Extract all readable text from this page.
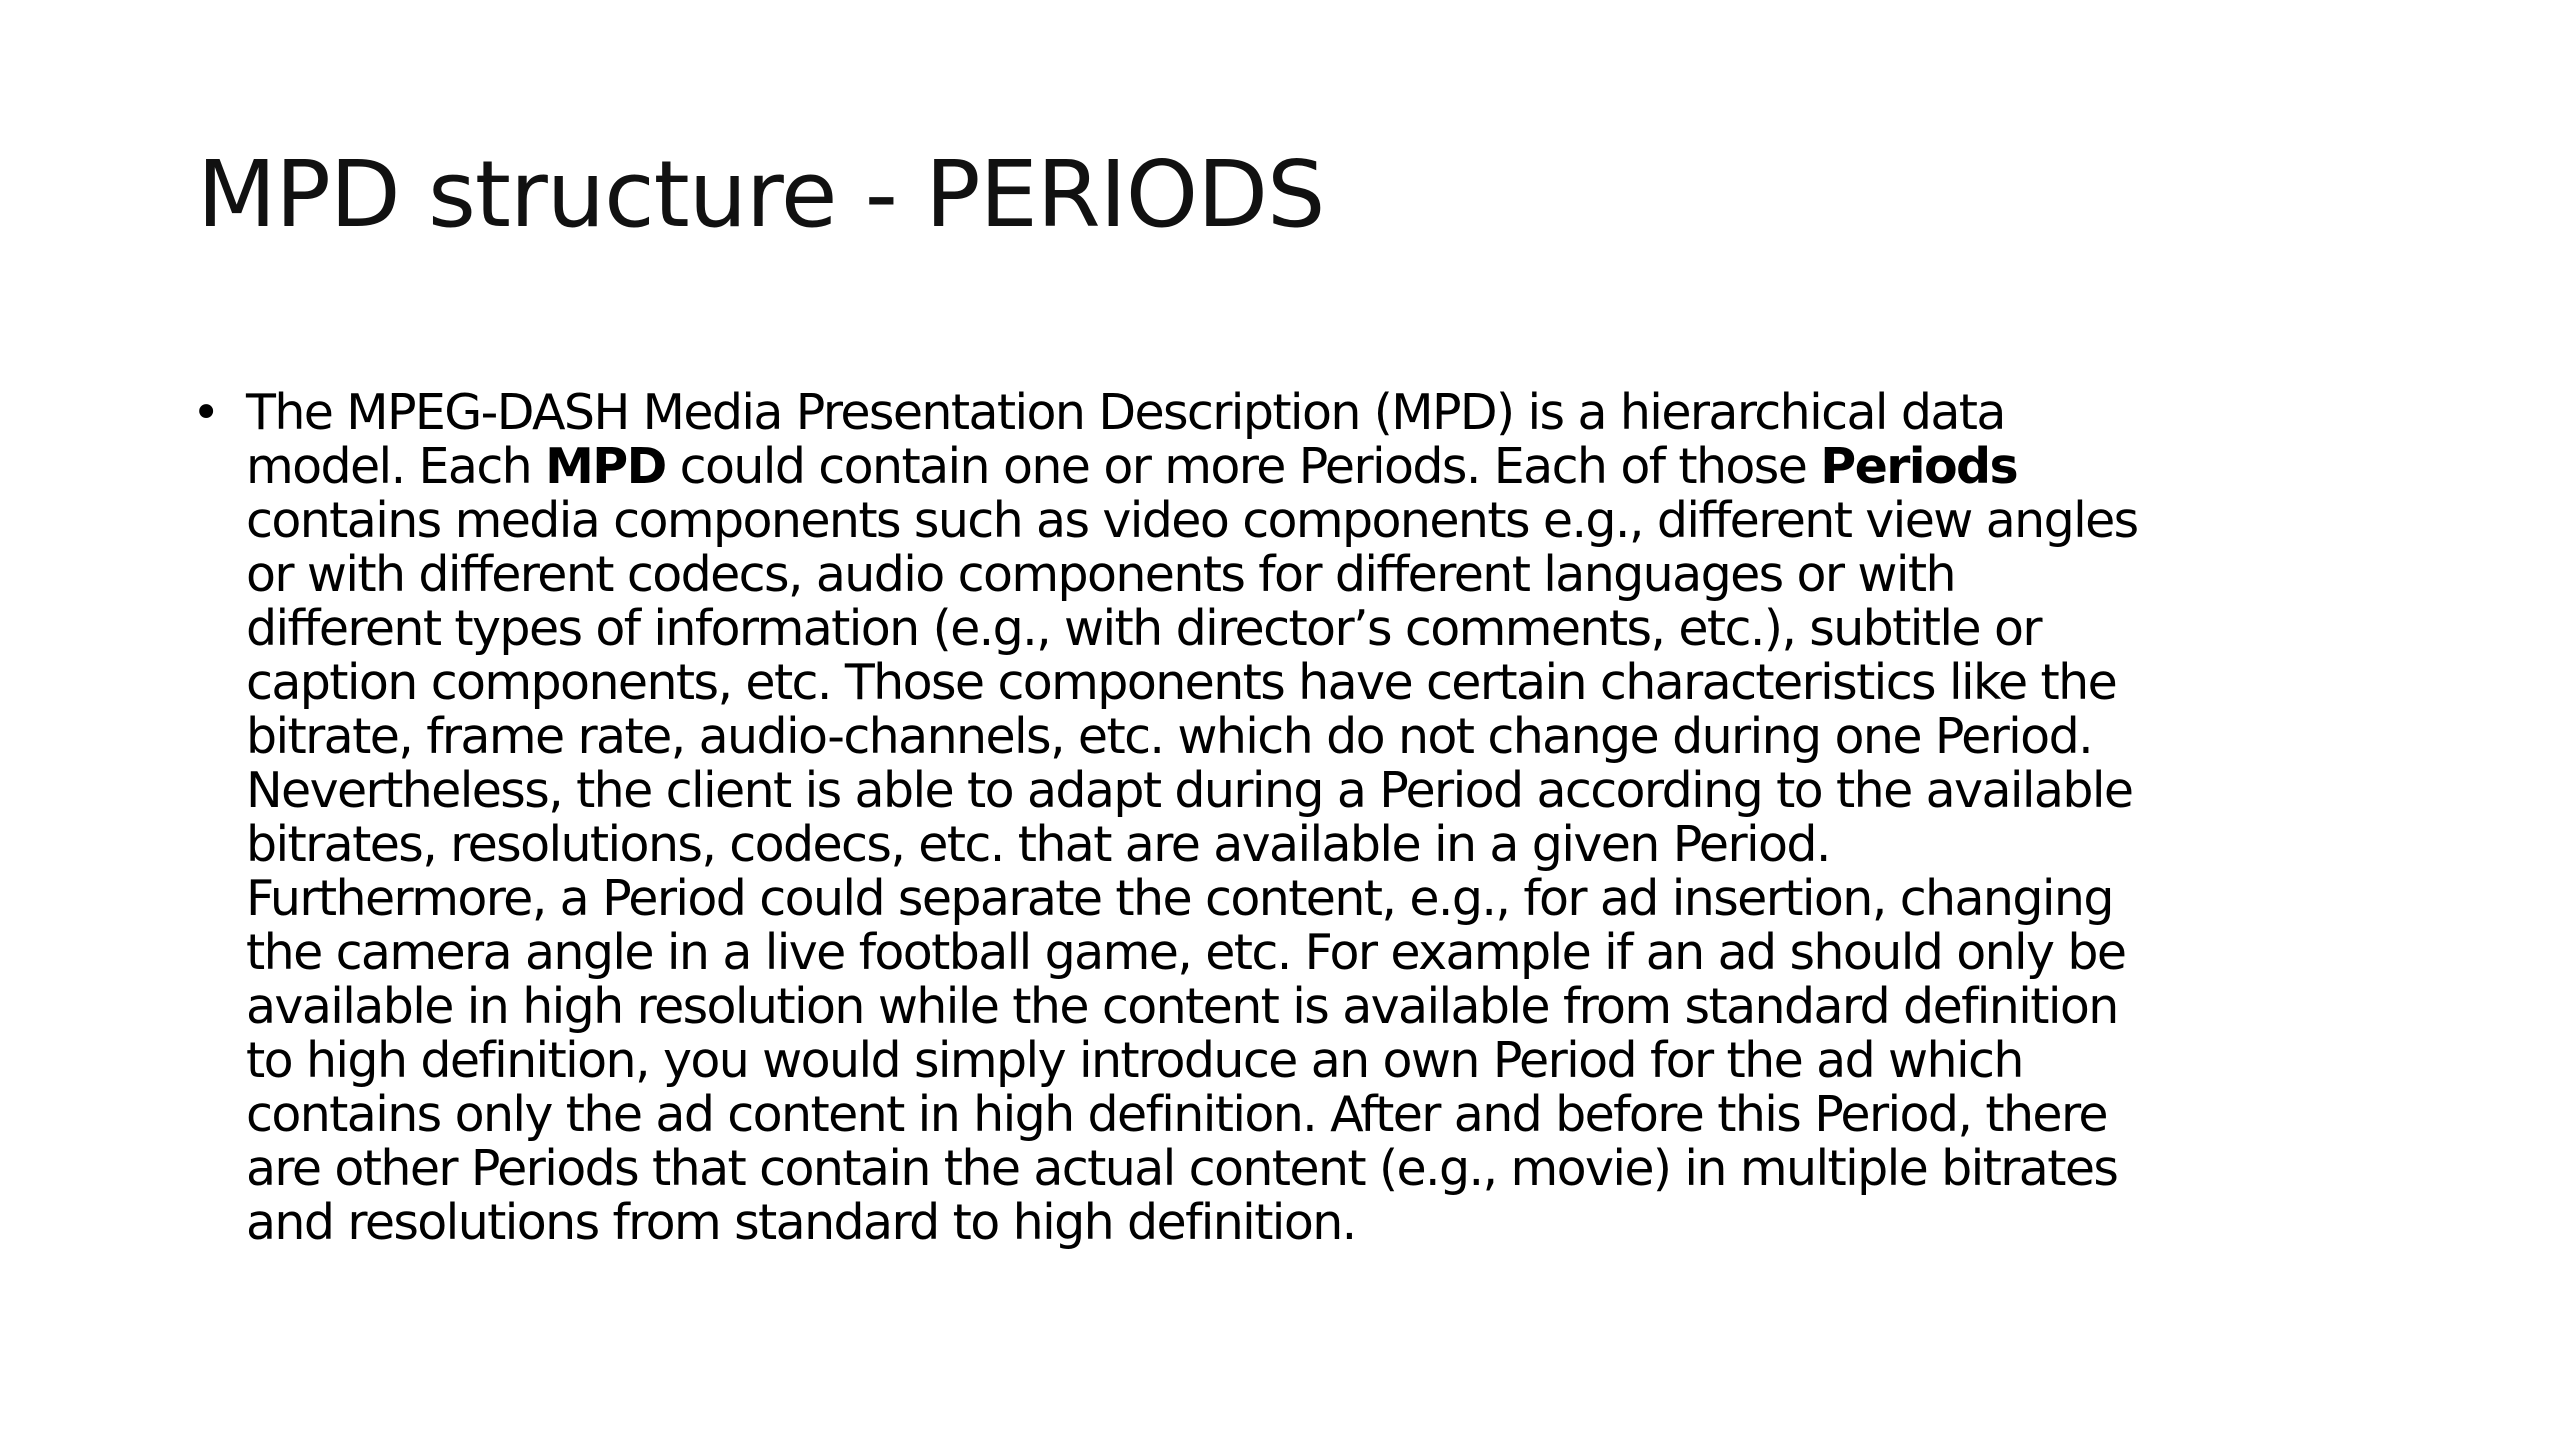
MPD structure - PERIODS
• The MPEG-DASH Media Presentation Description (MPD) is a hierarchical data
model. Each MPD could contain one or more Periods. Each of those Periods
contains media components such as video components e.g., different view angles
or with different codecs, audio components for different languages or with
different types of information (e.g., with director’s comments, etc.), subtitle or
caption components, etc. Those components have certain characteristics like the
bitrate, frame rate, audio-channels, etc. which do not change during one Period.
Nevertheless, the client is able to adapt during a Period according to the available
bitrates, resolutions, codecs, etc. that are available in a given Period.
Furthermore, a Period could separate the content, e.g., for ad insertion, changing
the camera angle in a live football game, etc. For example if an ad should only be
available in high resolution while the content is available from standard definition
to high definition, you would simply introduce an own Period for the ad which
contains only the ad content in high definition. After and before this Period, there
are other Periods that contain the actual content (e.g., movie) in multiple bitrates
and resolutions from standard to high definition.
